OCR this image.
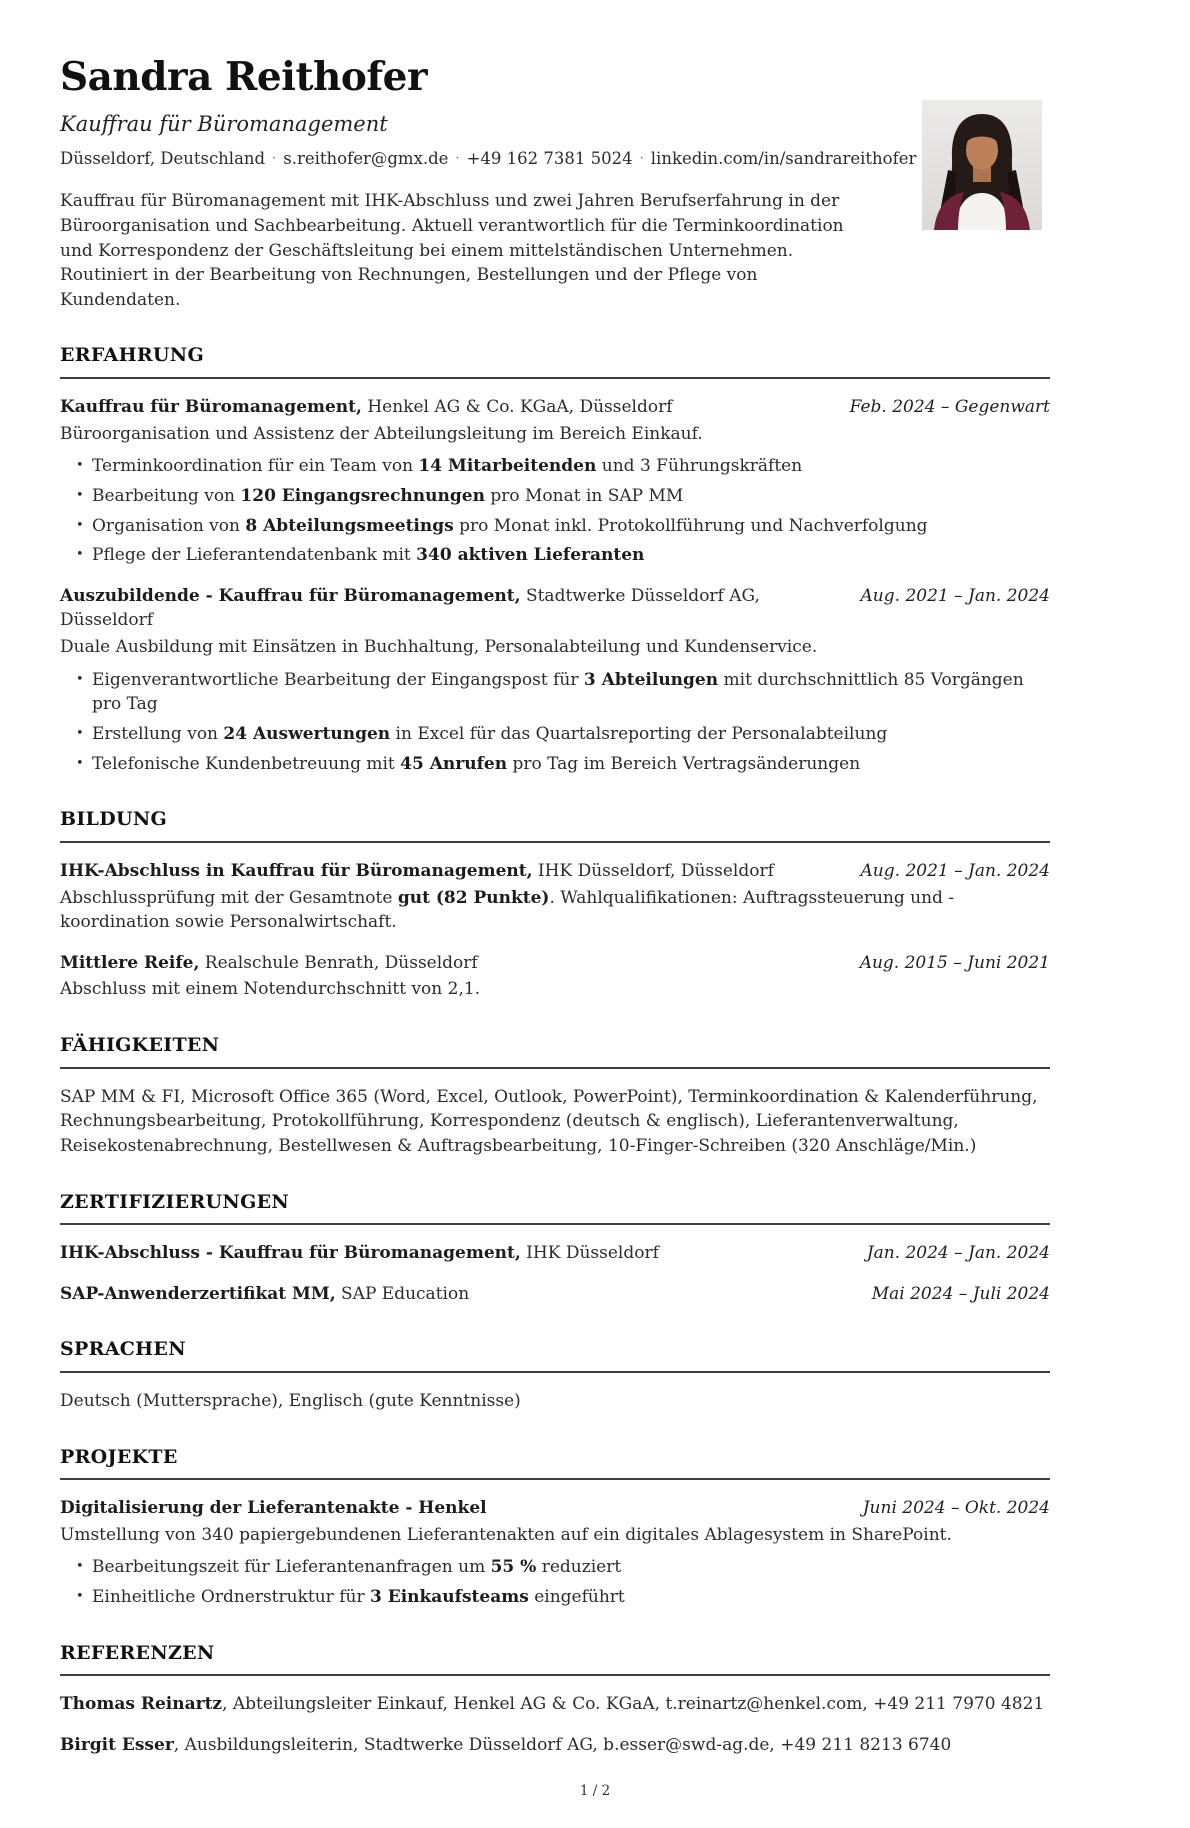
Sandra Reithofer
Kauffrau für Büromanagement
Düsseldorf, Deutschland · s.reithofer@gmx.de · +49 162 7381 5024 · linkedin.com/in/sandrareithofer

Kauffrau für Büromanagement mit IHK-Abschluss und zwei Jahren Berufserfahrung in der Büroorganisation und Sachbearbeitung. Aktuell verantwortlich für die Terminkoordination und Korrespondenz der Geschäftsleitung bei einem mittelständischen Unternehmen. Routiniert in der Bearbeitung von Rechnungen, Bestellungen und der Pflege von Kundendaten.

ERFAHRUNG
Kauffrau für Büromanagement, Henkel AG & Co. KGaA, Düsseldorf	Feb. 2024 – Gegenwart
Büroorganisation und Assistenz der Abteilungsleitung im Bereich Einkauf.
• Terminkoordination für ein Team von 14 Mitarbeitenden und 3 Führungskräften
• Bearbeitung von 120 Eingangsrechnungen pro Monat in SAP MM
• Organisation von 8 Abteilungsmeetings pro Monat inkl. Protokollführung und Nachverfolgung
• Pflege der Lieferantendatenbank mit 340 aktiven Lieferanten
Auszubildende - Kauffrau für Büromanagement, Stadtwerke Düsseldorf AG, Düsseldorf
Aug. 2021 – Jan. 2024
Duale Ausbildung mit Einsätzen in Buchhaltung, Personalabteilung und Kundenservice.
• Eigenverantwortliche Bearbeitung der Eingangspost für 3 Abteilungen mit durchschnittlich 85 Vorgängen pro Tag
• Erstellung von 24 Auswertungen in Excel für das Quartalsreporting der Personalabteilung
• Telefonische Kundenbetreuung mit 45 Anrufen pro Tag im Bereich Vertragsänderungen
BILDUNG
IHK-Abschluss in Kauffrau für Büromanagement, IHK Düsseldorf, Düsseldorf	Aug. 2021 – Jan. 2024
Abschlussprüfung mit der Gesamtnote gut (82 Punkte). Wahlqualifikationen: Auftragssteuerung und -koordination sowie Personalwirtschaft.
Mittlere Reife, Realschule Benrath, Düsseldorf	Aug. 2015 – Juni 2021
Abschluss mit einem Notendurchschnitt von 2,1.
FÄHIGKEITEN

SAP MM & FI, Microsoft Office 365 (Word, Excel, Outlook, PowerPoint), Terminkoordination & Kalenderführung, Rechnungsbearbeitung, Protokollführung, Korrespondenz (deutsch & englisch), Lieferantenverwaltung, Reisekostenabrechnung, Bestellwesen & Auftragsbearbeitung, 10-Finger-Schreiben (320 Anschläge/Min.)

ZERTIFIZIERUNGEN
IHK-Abschluss - Kauffrau für Büromanagement, IHK Düsseldorf	Jan. 2024 – Jan. 2024
SAP-Anwenderzertifikat MM, SAP Education	Mai 2024 – Juli 2024
SPRACHEN

Deutsch (Muttersprache), Englisch (gute Kenntnisse)

PROJEKTE
Digitalisierung der Lieferantenakte - Henkel	Juni 2024 – Okt. 2024
Umstellung von 340 papiergebundenen Lieferantenakten auf ein digitales Ablagesystem in SharePoint.
• Bearbeitungszeit für Lieferantenanfragen um 55 % reduziert
• Einheitliche Ordnerstruktur für 3 Einkaufsteams eingeführt
REFERENZEN
Thomas Reinartz, Abteilungsleiter Einkauf, Henkel AG & Co. KGaA, t.reinartz@henkel.com, +49 211 7970 4821
Birgit Esser, Ausbildungsleiterin, Stadtwerke Düsseldorf AG, b.esser@swd-ag.de, +49 211 8213 6740
1 / 2
